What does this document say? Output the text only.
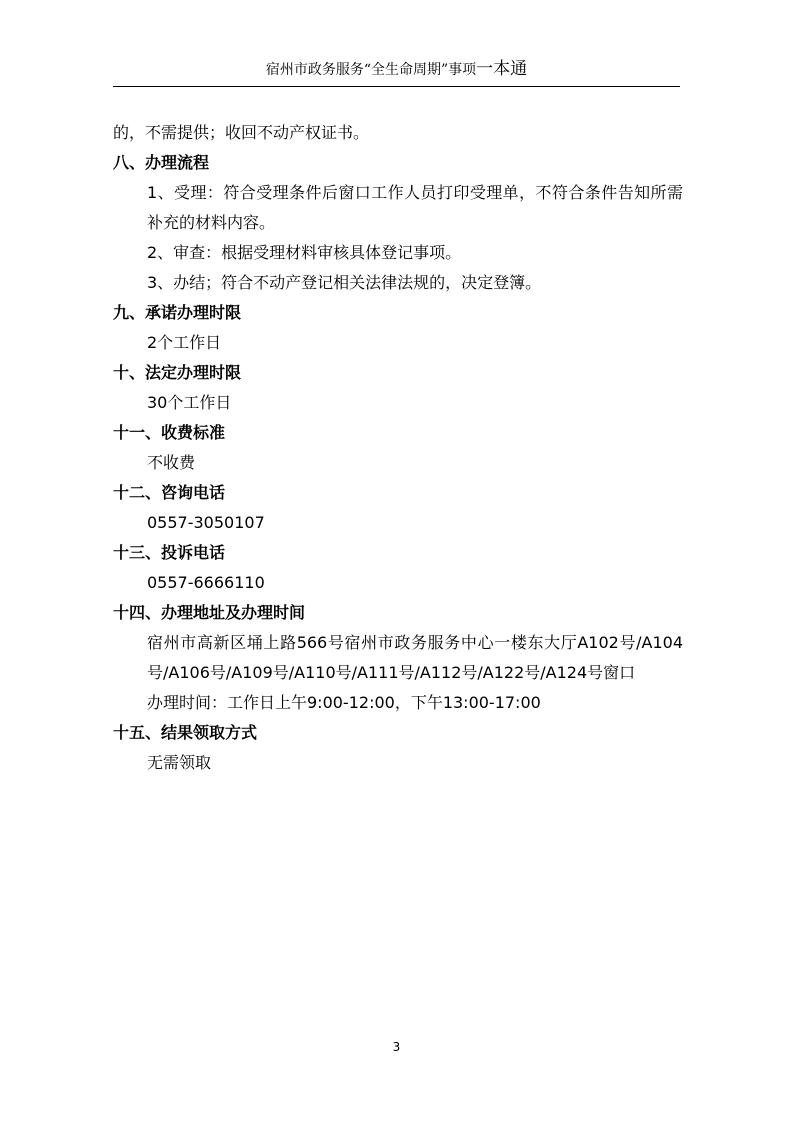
宿州市政务服务“全生命周期”事项一本通

的，不需提供；收回不动产权证书。

八、办理流程

1、受理：符合受理条件后窗口工作人员打印受理单，不符合条件告知所需补充的材料内容。

2、审查：根据受理材料审核具体登记事项。

3、办结；符合不动产登记相关法律法规的，决定登簿。

九、承诺办理时限

2个工作日

十、法定办理时限

30个工作日

十一、收费标准

不收费

十二、咨询电话

0557-3050107

十三、投诉电话

0557-6666110

十四、办理地址及办理时间

宿州市高新区埇上路566号宿州市政务服务中心一楼东大厅A102号/A104号/A106号/A109号/A110号/A111号/A112号/A122号/A124号窗口

办理时间：工作日上午9:00-12:00，下午13:00-17:00

十五、结果领取方式

无需领取

3
